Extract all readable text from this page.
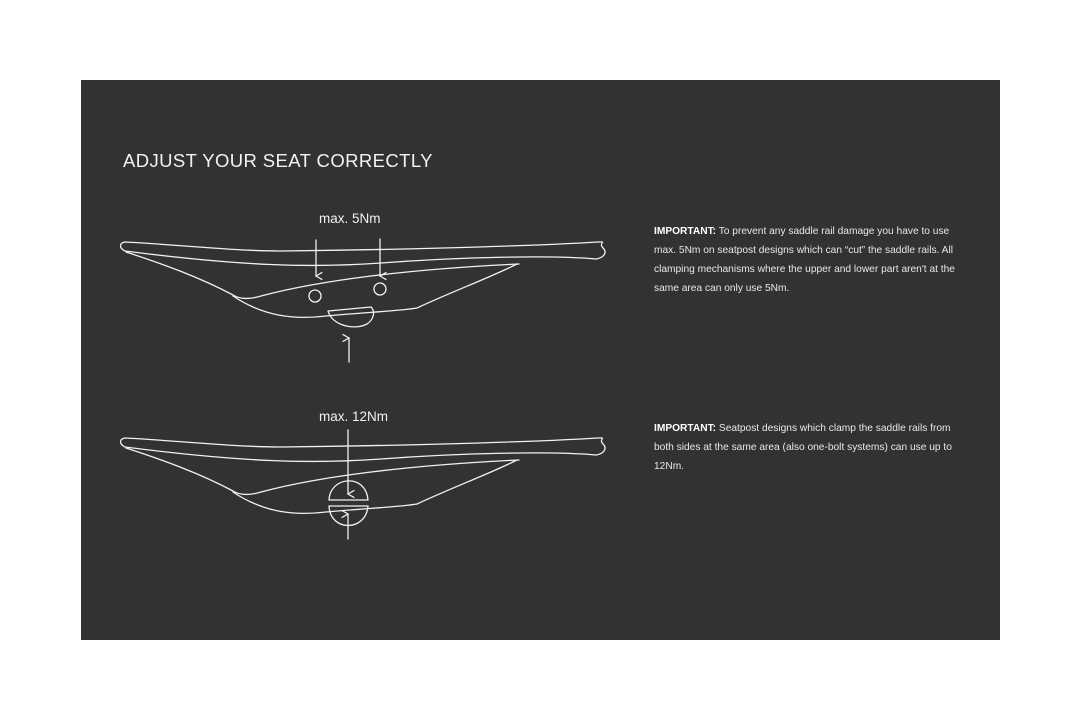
ADJUST YOUR SEAT CORRECTLY
max. 5Nm
max. 12Nm

IMPORTANT: To prevent any saddle rail damage you have to use max. 5Nm on seatpost designs which can “cut” the saddle rails. All clamping mechanisms where the upper and lower part aren't at the same area can only use 5Nm.

IMPORTANT: Seatpost designs which clamp the saddle rails from both sides at the same area (also one-bolt systems) can use up to 12Nm.
